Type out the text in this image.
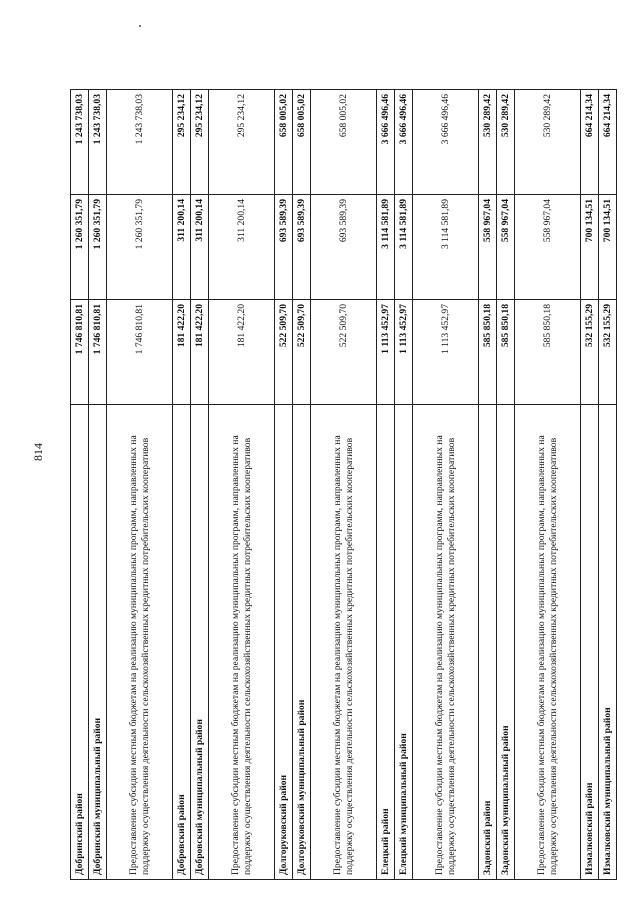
814
Добринский район	1 746 810,81	1 260 351,79	1 243 738,03
Добринский муниципальный район	1 746 810,81	1 260 351,79	1 243 738,03
Предоставление субсидии местным бюджетам на реализацию муниципальных программ, направленных на поддержку осуществления деятельности сельскохозяйственных кредитных потребительских кооперативов	1 746 810,81	1 260 351,79	1 243 738,03
Добровский район	181 422,20	311 200,14	295 234,12
Добровский муниципальный район	181 422,20	311 200,14	295 234,12
Предоставление субсидии местным бюджетам на реализацию муниципальных программ, направленных на поддержку осуществления деятельности сельскохозяйственных кредитных потребительских кооперативов	181 422,20	311 200,14	295 234,12
Долгоруковский район	522 509,70	693 589,39	658 005,02
Долгоруковский муниципальный район	522 509,70	693 589,39	658 005,02
Предоставление субсидии местным бюджетам на реализацию муниципальных программ, направленных на поддержку осуществления деятельности сельскохозяйственных кредитных потребительских кооперативов	522 509,70	693 589,39	658 005,02
Елецкий район	1 113 452,97	3 114 581,89	3 666 496,46
Елецкий муниципальный район	1 113 452,97	3 114 581,89	3 666 496,46
Предоставление субсидии местным бюджетам на реализацию муниципальных программ, направленных на поддержку осуществления деятельности сельскохозяйственных кредитных потребительских кооперативов	1 113 452,97	3 114 581,89	3 666 496,46
Задонский район	585 850,18	558 967,04	530 289,42
Задонский муниципальный район	585 850,18	558 967,04	530 289,42
Предоставление субсидии местным бюджетам на реализацию муниципальных программ, направленных на поддержку осуществления деятельности сельскохозяйственных кредитных потребительских кооперативов	585 850,18	558 967,04	530 289,42
Измалковский район	532 155,29	700 134,51	664 214,34
Измалковский муниципальный район	532 155,29	700 134,51	664 214,34
